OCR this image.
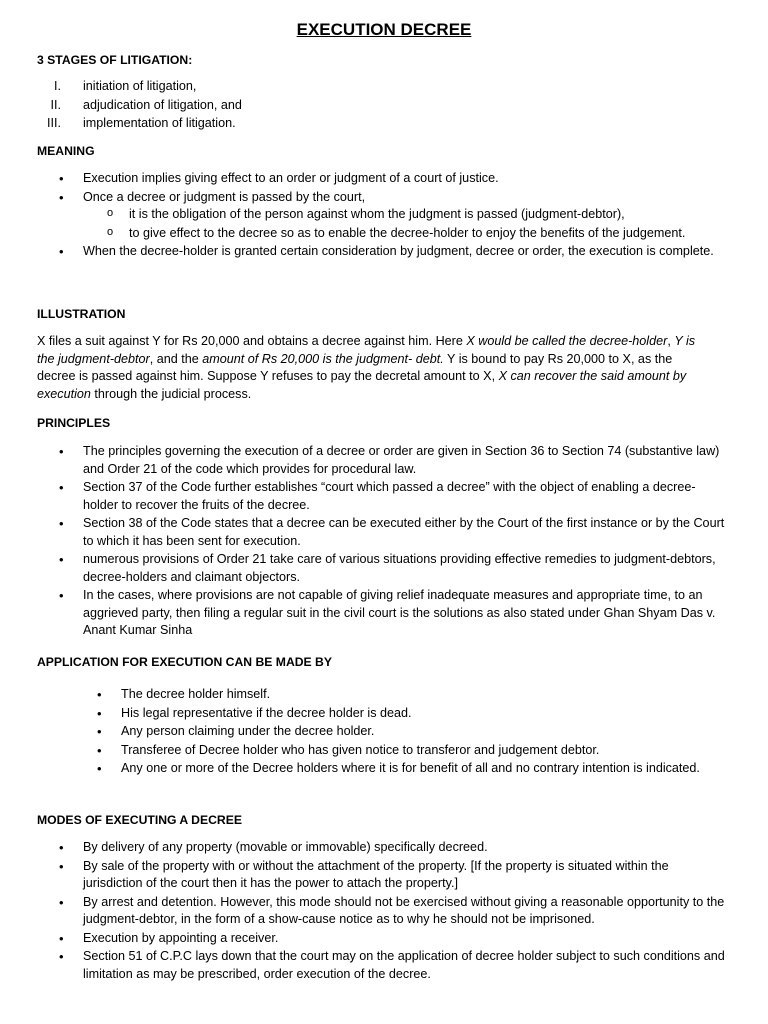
EXECUTION DECREE
3 STAGES OF LITIGATION:
I. initiation of litigation,
II. adjudication of litigation, and
III. implementation of litigation.
MEANING
• Execution implies giving effect to an order or judgment of a court of justice.
• Once a decree or judgment is passed by the court,
o it is the obligation of the person against whom the judgment is passed (judgment-debtor),
o to give effect to the decree so as to enable the decree-holder to enjoy the benefits of the judgement.
• When the decree-holder is granted certain consideration by judgment, decree or order, the execution is complete.
ILLUSTRATION
X files a suit against Y for Rs 20,000 and obtains a decree against him. Here X would be called the decree-holder, Y is the judgment-debtor, and the amount of Rs 20,000 is the judgment- debt. Y is bound to pay Rs 20,000 to X, as the decree is passed against him. Suppose Y refuses to pay the decretal amount to X, X can recover the said amount by execution through the judicial process.
PRINCIPLES
• The principles governing the execution of a decree or order are given in Section 36 to Section 74 (substantive law) and Order 21 of the code which provides for procedural law.
• Section 37 of the Code further establishes “court which passed a decree” with the object of enabling a decree-holder to recover the fruits of the decree.
• Section 38 of the Code states that a decree can be executed either by the Court of the first instance or by the Court to which it has been sent for execution.
• numerous provisions of Order 21 take care of various situations providing effective remedies to judgment-debtors, decree-holders and claimant objectors.
• In the cases, where provisions are not capable of giving relief inadequate measures and appropriate time, to an aggrieved party, then filing a regular suit in the civil court is the solutions as also stated under Ghan Shyam Das v. Anant Kumar Sinha
APPLICATION FOR EXECUTION CAN BE MADE BY
• The decree holder himself.
• His legal representative if the decree holder is dead.
• Any person claiming under the decree holder.
• Transferee of Decree holder who has given notice to transferor and judgement debtor.
• Any one or more of the Decree holders where it is for benefit of all and no contrary intention is indicated.
MODES OF EXECUTING A DECREE
• By delivery of any property (movable or immovable) specifically decreed.
• By sale of the property with or without the attachment of the property. [If the property is situated within the jurisdiction of the court then it has the power to attach the property.]
• By arrest and detention. However, this mode should not be exercised without giving a reasonable opportunity to the judgment-debtor, in the form of a show-cause notice as to why he should not be imprisoned.
• Execution by appointing a receiver.
• Section 51 of C.P.C lays down that the court may on the application of decree holder subject to such conditions and limitation as may be prescribed, order execution of the decree.
